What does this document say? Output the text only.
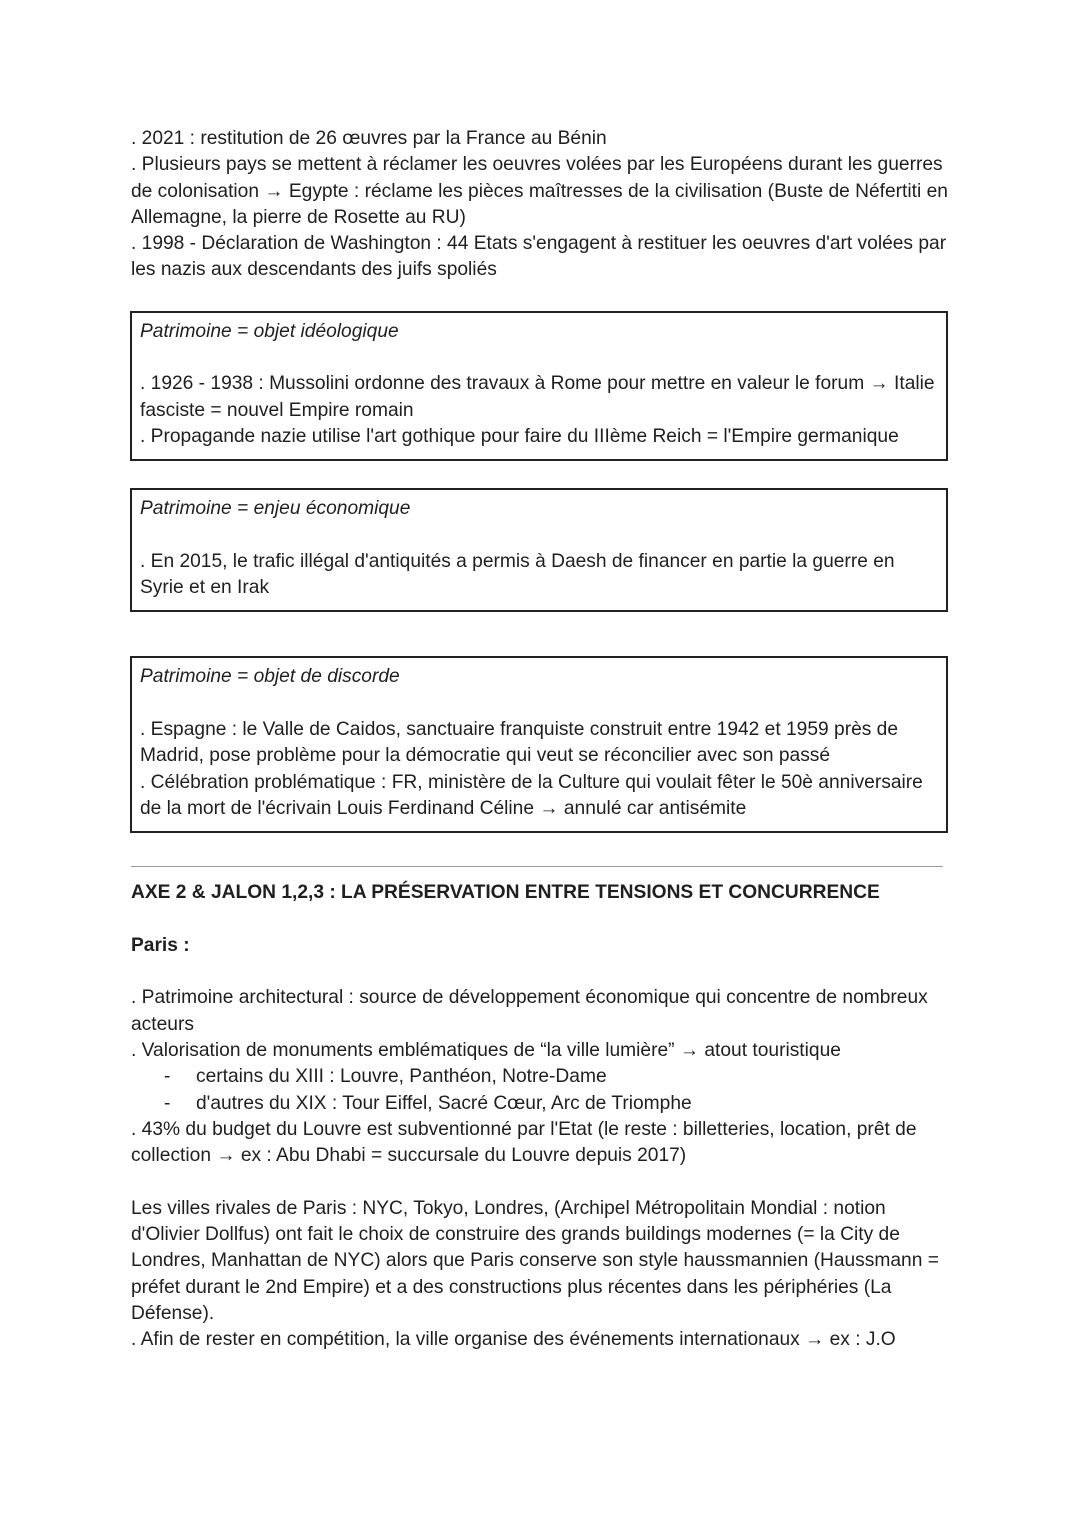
. 2021 : restitution de 26 œuvres par la France au Bénin

. Plusieurs pays se mettent à réclamer les oeuvres volées par les Européens durant les guerres de colonisation → Egypte : réclame les pièces maîtresses de la civilisation (Buste de Néfertiti en Allemagne, la pierre de Rosette au RU)

. 1998 - Déclaration de Washington : 44 Etats s'engagent à restituer les oeuvres d'art volées par les nazis aux descendants des juifs spoliés

Patrimoine = objet idéologique

. 1926 - 1938 : Mussolini ordonne des travaux à Rome pour mettre en valeur le forum → Italie fasciste = nouvel Empire romain

. Propagande nazie utilise l'art gothique pour faire du IIIème Reich = l'Empire germanique

Patrimoine = enjeu économique

. En 2015, le trafic illégal d'antiquités a permis à Daesh de financer en partie la guerre en Syrie et en Irak

Patrimoine = objet de discorde

. Espagne : le Valle de Caidos, sanctuaire franquiste construit entre 1942 et 1959 près de Madrid, pose problème pour la démocratie qui veut se réconcilier avec son passé

. Célébration problématique : FR, ministère de la Culture qui voulait fêter le 50è anniversaire de la mort de l'écrivain Louis Ferdinand Céline → annulé car antisémite

AXE 2 & JALON 1,2,3 : LA PRÉSERVATION ENTRE TENSIONS ET CONCURRENCE

Paris :

. Patrimoine architectural : source de développement économique qui concentre de nombreux acteurs

. Valorisation de monuments emblématiques de “la ville lumière” → atout touristique

- certains du XIII : Louvre, Panthéon, Notre-Dame

- d'autres du XIX : Tour Eiffel, Sacré Cœur, Arc de Triomphe

. 43% du budget du Louvre est subventionné par l'Etat (le reste : billetteries, location, prêt de collection → ex : Abu Dhabi = succursale du Louvre depuis 2017)

Les villes rivales de Paris : NYC, Tokyo, Londres, (Archipel Métropolitain Mondial : notion d'Olivier Dollfus) ont fait le choix de construire des grands buildings modernes (= la City de Londres, Manhattan de NYC) alors que Paris conserve son style haussmannien (Haussmann = préfet durant le 2nd Empire) et a des constructions plus récentes dans les périphéries (La Défense).

. Afin de rester en compétition, la ville organise des événements internationaux → ex : J.O
